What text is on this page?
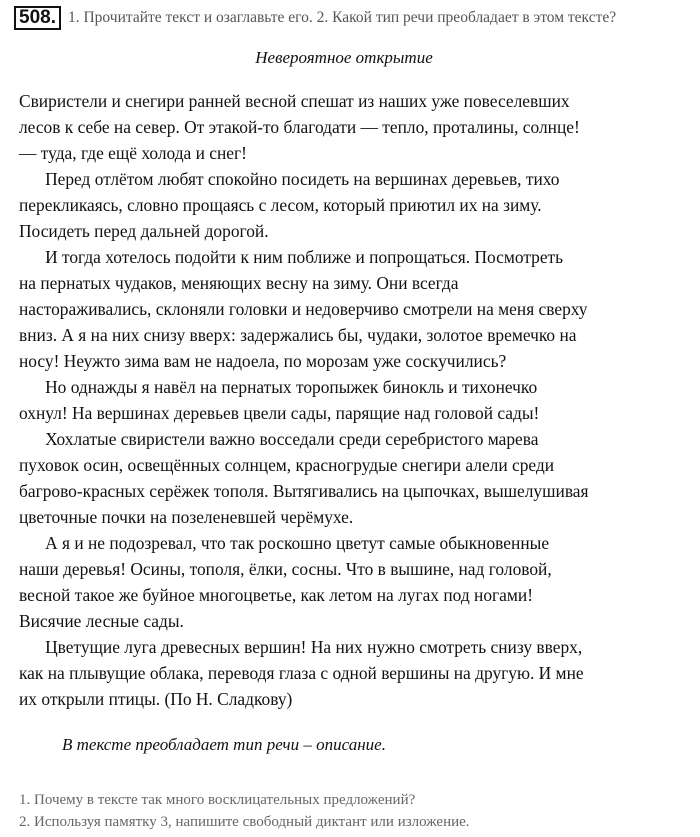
508. 1. Прочитайте текст и озаглавьте его. 2. Какой тип речи преобладает в этом тексте?
Невероятное открытие

Свиристели и снегири ранней весной спешат из наших уже повеселевших

лесов к себе на север. От этакой-то благодати — тепло, проталины, солнце!

— туда, где ещё холода и снег!

Перед отлётом любят спокойно посидеть на вершинах деревьев, тихо

перекликаясь, словно прощаясь с лесом, который приютил их на зиму.

Посидеть перед дальней дорогой.

И тогда хотелось подойти к ним поближе и попрощаться. Посмотреть

на пернатых чудаков, меняющих весну на зиму. Они всегда

настораживались, склоняли головки и недоверчиво смотрели на меня сверху

вниз. А я на них снизу вверх: задержались бы, чудаки, золотое времечко на

носу! Неужто зима вам не надоела, по морозам уже соскучились?

Но однажды я навёл на пернатых торопыжек бинокль и тихонечко

охнул! На вершинах деревьев цвели сады, парящие над головой сады!

Хохлатые свиристели важно восседали среди серебристого марева

пуховок осин, освещённых солнцем, красногрудые снегири алели среди

багрово-красных серёжек тополя. Вытягивались на цыпочках, вышелушивая

цветочные почки на позеленевшей черёмухе.

А я и не подозревал, что так роскошно цветут самые обыкновенные

наши деревья! Осины, тополя, ёлки, сосны. Что в вышине, над головой,

весной такое же буйное многоцветье, как летом на лугах под ногами!

Висячие лесные сады.

Цветущие луга древесных вершин! На них нужно смотреть снизу вверх,

как на плывущие облака, переводя глаза с одной вершины на другую. И мне

их открыли птицы. (По Н. Сладкову)

В тексте преобладает тип речи – описание.

1. Почему в тексте так много восклицательных предложений?

2. Используя памятку 3, напишите свободный диктант или изложение.
